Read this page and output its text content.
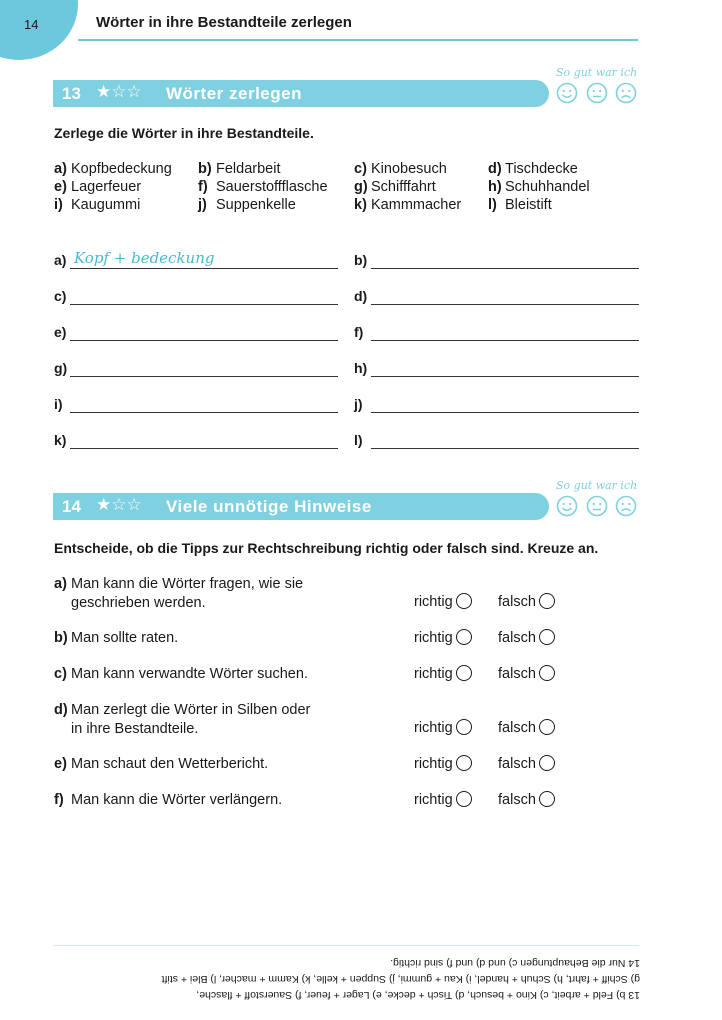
14	Wörter in ihre Bestandteile zerlegen
13 ★☆☆ Wörter zerlegen
So gut war ich
Zerlege die Wörter in ihre Bestandteile.
a) Kopfbedeckung b) Feldarbeit	c) Kinobesuch	d) Tischdecke
e) Lagerfeuer	f) Sauerstoffflasche g) Schifffahrt	h) Schuhhandel
i) Kaugummi	j) Suppenkelle	k) Kammmacher l) Bleistift
a) Kopf + bedeckung	b)
c)	d)
e)	f)
g)	h)
i)	j)
k)	l)
14 ★☆☆ Viele unnötige Hinweise
So gut war ich
Entscheide, ob die Tipps zur Rechtschreibung richtig oder falsch sind. Kreuze an.
a) Man kann die Wörter fragen, wie sie
geschrieben werden.	richtig	falsch
b) Man sollte raten.	richtig	falsch
c) Man kann verwandte Wörter suchen.	richtig	falsch
d) Man zerlegt die Wörter in Silben oder
in ihre Bestandteile.	richtig	falsch
e) Man schaut den Wetterbericht.	richtig	falsch
f) Man kann die Wörter verlängern.	richtig	falsch
13 b) Feld + arbeit, c) Kino + besuch, d) Tisch + decke, e) Lager + feuer, f) Sauerstoff + flasche,
g) Schiff + fahrt, h) Schuh + handel, i) Kau + gummi, j) Suppen + kelle, k) Kamm + macher, l) Blei + stift
14 Nur die Behauptungen c) und d) und f) sind richtig.
